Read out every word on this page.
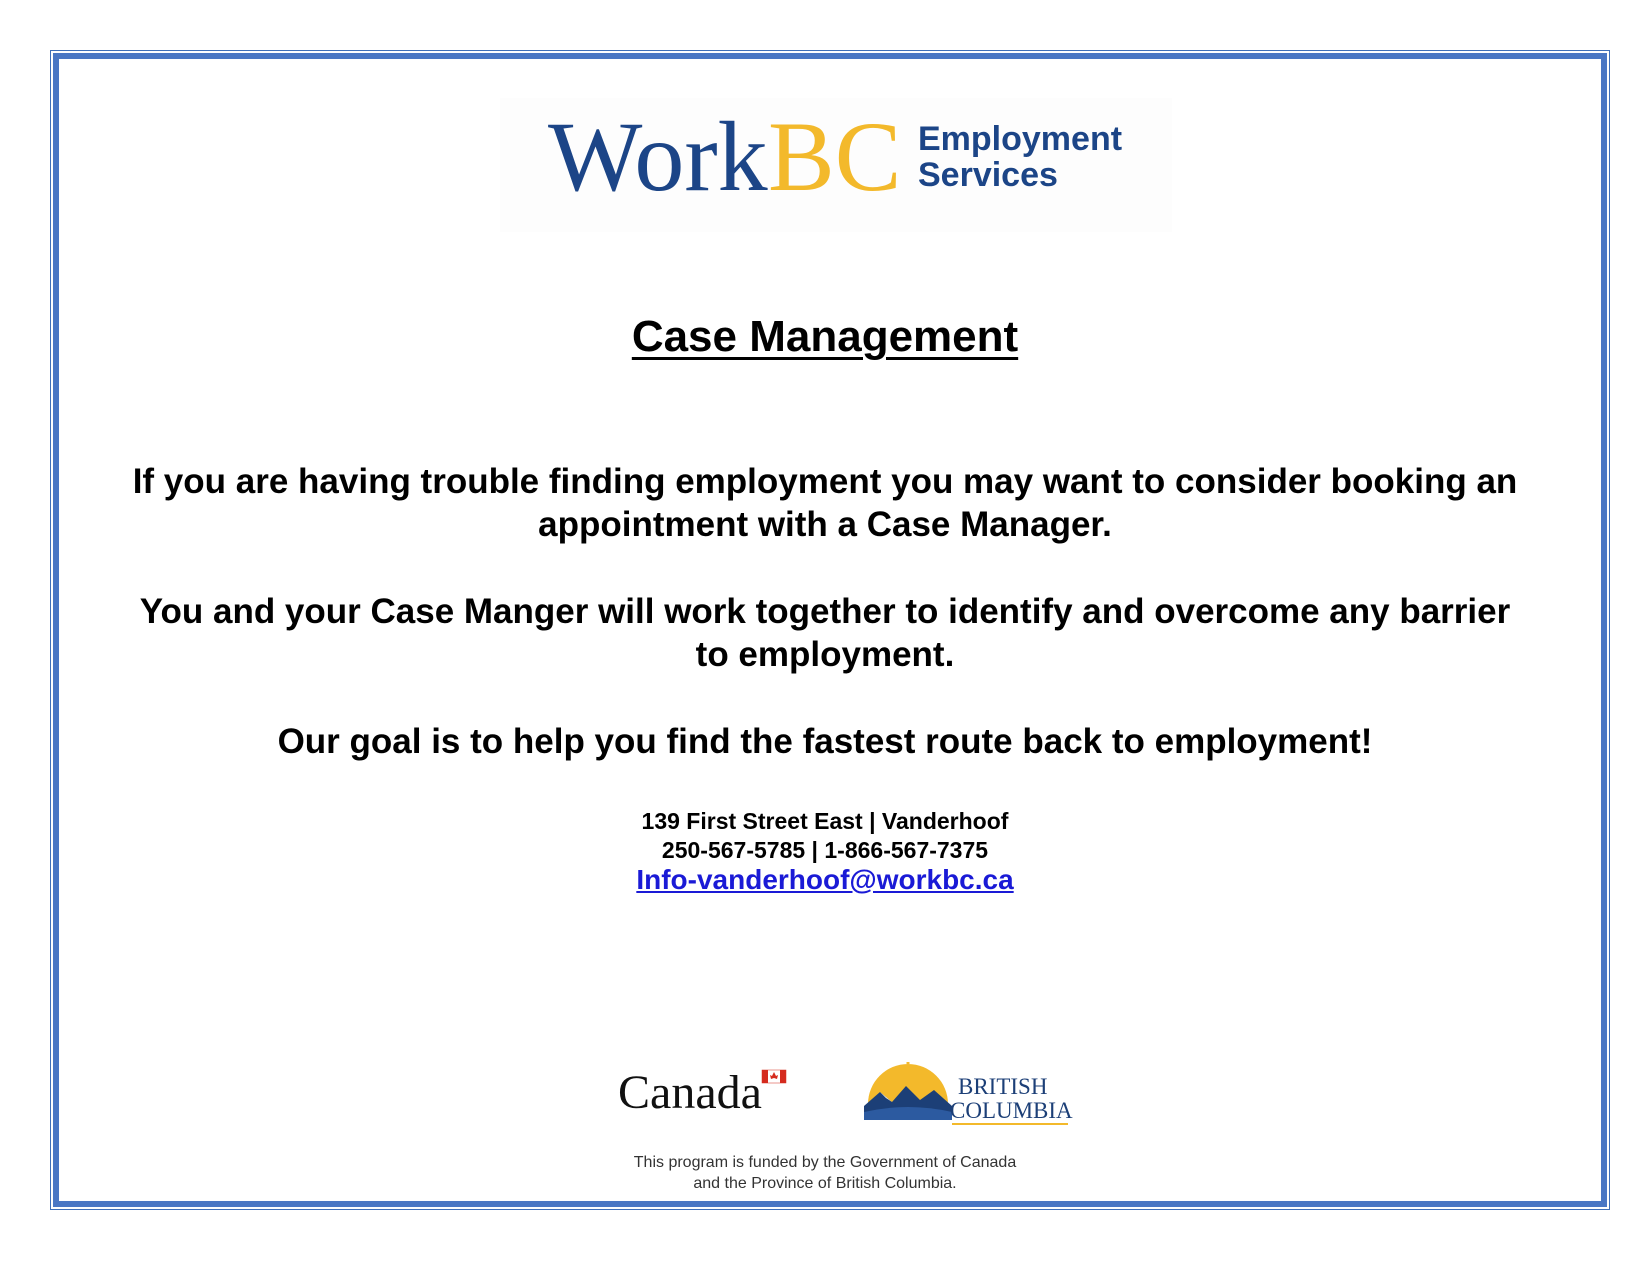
Work BC Employment
Services
Case Management
If you are having trouble finding employment you may want to consider booking an appointment with a Case Manager.
You and your Case Manger will work together to identify and overcome any barrier to employment.
Our goal is to help you find the fastest route back to employment!
139 First Street East | Vanderhoof
250-567-5785 | 1-866-567-7375
Info-vanderhoof@workbc.ca
Canada	BRITISH
COLUMBIA
This program is funded by the Government of Canada
and the Province of British Columbia.
